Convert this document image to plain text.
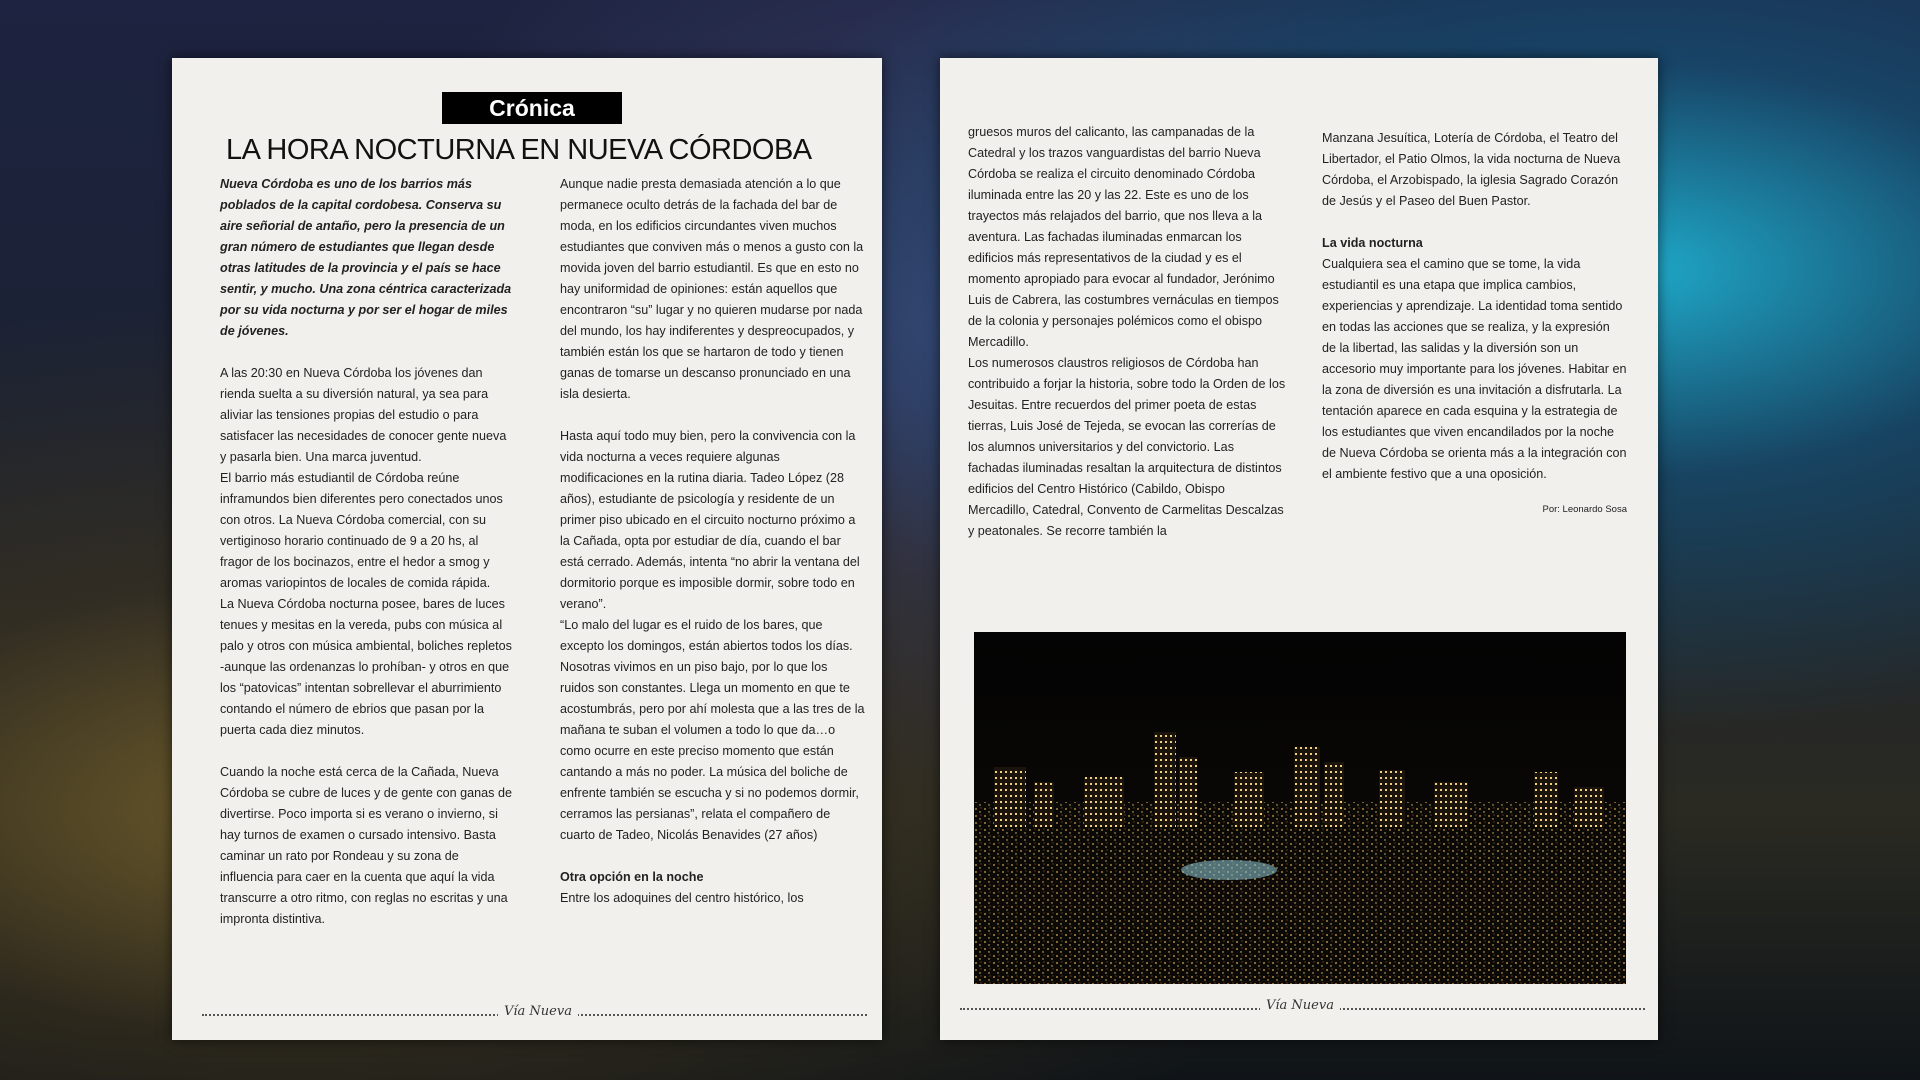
Crónica
LA HORA NOCTURNA EN NUEVA CÓRDOBA

Nueva Córdoba es uno de los barrios más poblados de la capital cordobesa. Conserva su aire señorial de antaño, pero la presencia de un gran número de estudiantes que llegan desde otras latitudes de la provincia y el país se hace sentir, y mucho. Una zona céntrica caracterizada por su vida nocturna y por ser el hogar de miles de jóvenes.

A las 20:30 en Nueva Córdoba los jóvenes dan rienda suelta a su diversión natural, ya sea para aliviar las tensiones propias del estudio o para satisfacer las necesidades de conocer gente nueva y pasarla bien. Una marca juventud.

El barrio más estudiantil de Córdoba reúne inframundos bien diferentes pero conectados unos con otros. La Nueva Córdoba comercial, con su vertiginoso horario continuado de 9 a 20 hs, al fragor de los bocinazos, entre el hedor a smog y aromas variopintos de locales de comida rápida.

La Nueva Córdoba nocturna posee, bares de luces tenues y mesitas en la vereda, pubs con música al palo y otros con música ambiental, boliches repletos -aunque las ordenanzas lo prohíban- y otros en que los “patovicas” intentan sobrellevar el aburrimiento contando el número de ebrios que pasan por la puerta cada diez minutos.

Cuando la noche está cerca de la Cañada, Nueva Córdoba se cubre de luces y de gente con ganas de divertirse. Poco importa si es verano o invierno, si hay turnos de examen o cursado intensivo. Basta caminar un rato por Rondeau y su zona de influencia para caer en la cuenta que aquí la vida transcurre a otro ritmo, con reglas no escritas y una impronta distintiva.

Aunque nadie presta demasiada atención a lo que permanece oculto detrás de la fachada del bar de moda, en los edificios circundantes viven muchos estudiantes que conviven más o menos a gusto con la movida joven del barrio estudiantil. Es que en esto no hay uniformidad de opiniones: están aquellos que encontraron “su” lugar y no quieren mudarse por nada del mundo, los hay indiferentes y despreocupados, y también están los que se hartaron de todo y tienen ganas de tomarse un descanso pronunciado en una isla desierta.

Hasta aquí todo muy bien, pero la convivencia con la vida nocturna a veces requiere algunas modificaciones en la rutina diaria. Tadeo López (28 años), estudiante de psicología y residente de un primer piso ubicado en el circuito nocturno próximo a la Cañada, opta por estudiar de día, cuando el bar está cerrado. Además, intenta “no abrir la ventana del dormitorio porque es imposible dormir, sobre todo en verano”.

“Lo malo del lugar es el ruido de los bares, que excepto los domingos, están abiertos todos los días. Nosotras vivimos en un piso bajo, por lo que los ruidos son constantes. Llega un momento en que te acostumbrás, pero por ahí molesta que a las tres de la mañana te suban el volumen a todo lo que da…o como ocurre en este preciso momento que están cantando a más no poder. La música del boliche de enfrente también se escucha y si no podemos dormir, cerramos las persianas”, relata el compañero de cuarto de Tadeo, Nicolás Benavides (27 años)

Otra opción en la noche

Entre los adoquines del centro histórico, los

Vía Nueva

gruesos muros del calicanto, las campanadas de la Catedral y los trazos vanguardistas del barrio Nueva Córdoba se realiza el circuito denominado Córdoba iluminada entre las 20 y las 22. Este es uno de los trayectos más relajados del barrio, que nos lleva a la aventura. Las fachadas iluminadas enmarcan los edificios más representativos de la ciudad y es el momento apropiado para evocar al fundador, Jerónimo Luis de Cabrera, las costumbres vernáculas en tiempos de la colonia y personajes polémicos como el obispo Mercadillo.

Los numerosos claustros religiosos de Córdoba han contribuido a forjar la historia, sobre todo la Orden de los Jesuitas. Entre recuerdos del primer poeta de estas tierras, Luis José de Tejeda, se evocan las correrías de los alumnos universitarios y del convictorio. Las fachadas iluminadas resaltan la arquitectura de distintos edificios del Centro Histórico (Cabildo, Obispo Mercadillo, Catedral, Convento de Carmelitas Descalzas y peatonales. Se recorre también la

Manzana Jesuítica, Lotería de Córdoba, el Teatro del Libertador, el Patio Olmos, la vida nocturna de Nueva Córdoba, el Arzobispado, la iglesia Sagrado Corazón de Jesús y el Paseo del Buen Pastor.

La vida nocturna

Cualquiera sea el camino que se tome, la vida estudiantil es una etapa que implica cambios, experiencias y aprendizaje. La identidad toma sentido en todas las acciones que se realiza, y la expresión de la libertad, las salidas y la diversión son un accesorio muy importante para los jóvenes. Habitar en la zona de diversión es una invitación a disfrutarla. La tentación aparece en cada esquina y la estrategia de los estudiantes que viven encandilados por la noche de Nueva Córdoba se orienta más a la integración con el ambiente festivo que a una oposición.

Por: Leonardo Sosa

Vía Nueva
